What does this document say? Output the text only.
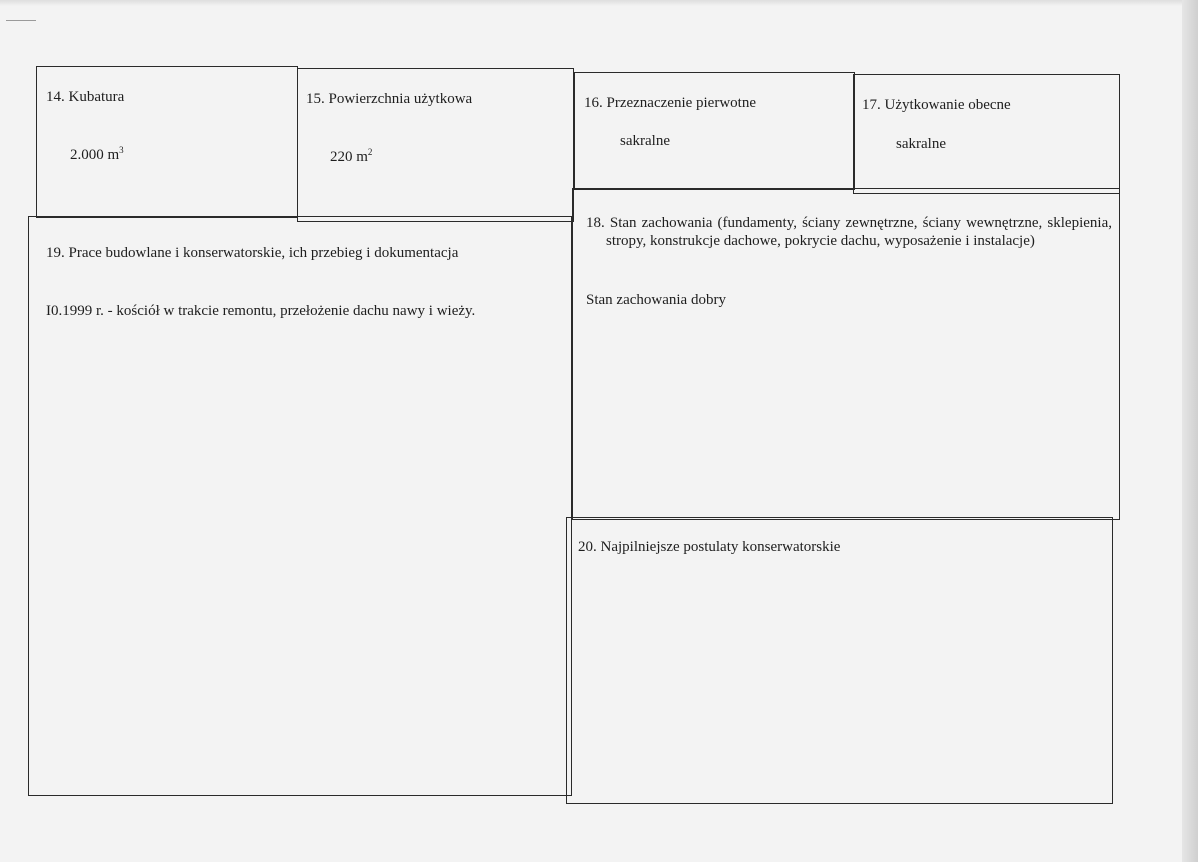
14. Kubatura
2.000 $m^3$
15. Powierzchnia użytkowa
220 $m^2$
16. Przeznaczenie pierwotne
sakralne
17. Użytkowanie obecne
sakralne
18. Stan zachowania (fundamenty, ściany zewnętrzne, ściany wewnętrzne, sklepienia, stropy, konstrukcje dachowe, pokrycie dachu, wyposażenie i instalacje)
Stan zachowania dobry
19. Prace budowlane i konserwatorskie, ich przebieg i dokumentacja
I0.1999 r. - kościół w trakcie remontu, przełożenie dachu nawy i wieży.
20. Najpilniejsze postulaty konserwatorskie
